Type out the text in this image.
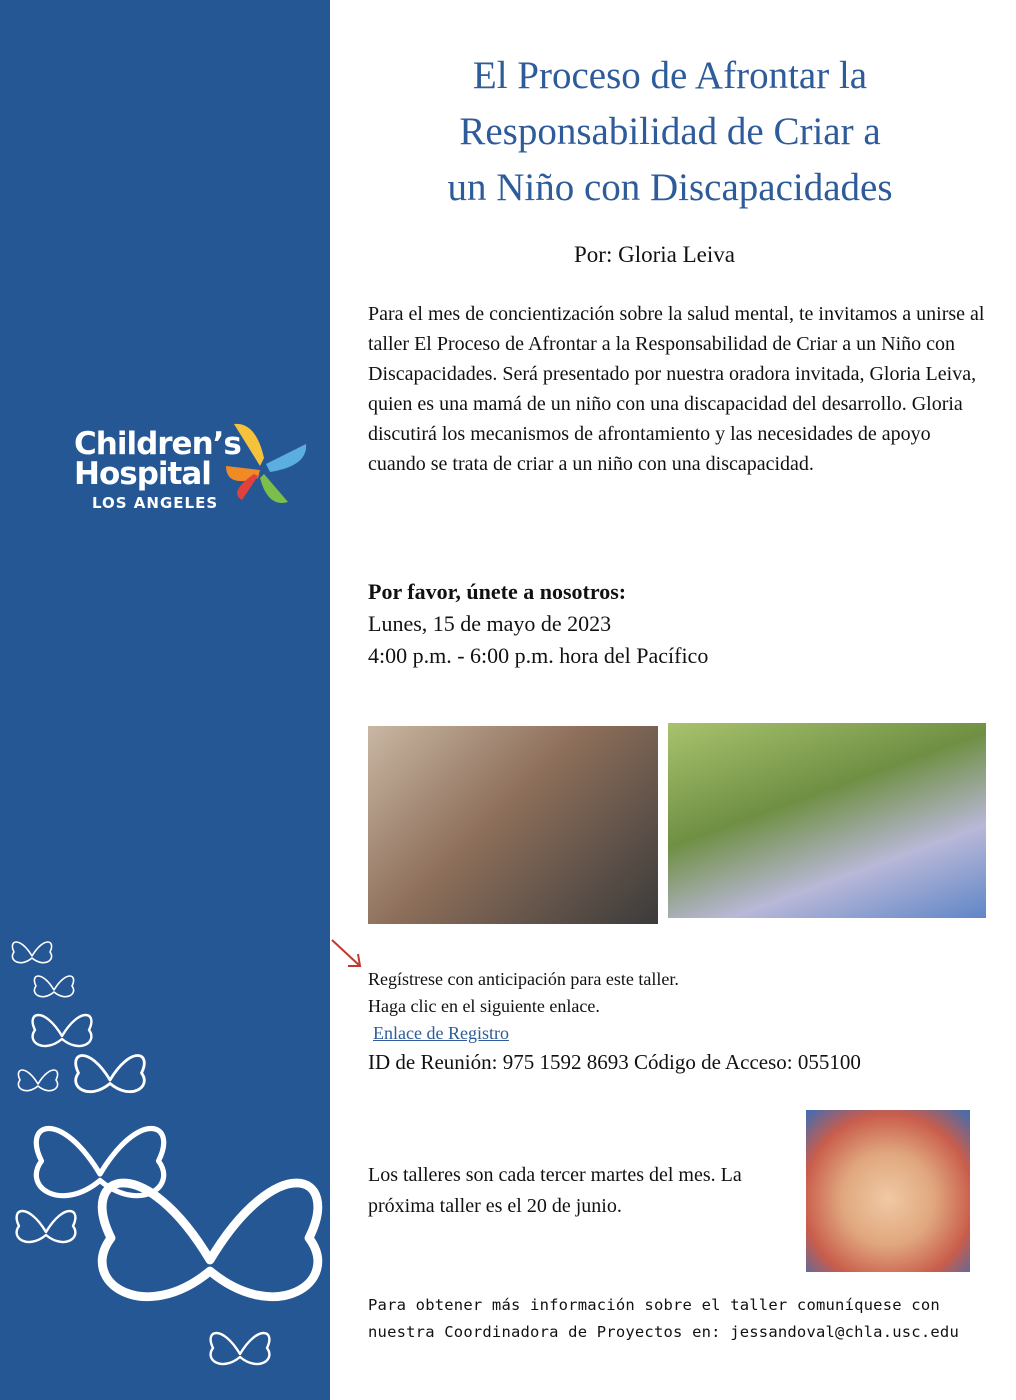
Children’s
Hospital
LOS ANGELES
El Proceso de Afrontar la
Responsabilidad de Criar a
un Niño con Discapacidades
Por: Gloria Leiva

Para el mes de concientización sobre la salud mental, te invitamos a unirse al taller El Proceso de Afrontar a la Responsabilidad de Criar a un Niño con Discapacidades. Será presentado por nuestra oradora invitada, Gloria Leiva, quien es una mamá de un niño con una discapacidad del desarrollo. Gloria discutirá los mecanismos de afrontamiento y las necesidades de apoyo cuando se trata de criar a un niño con una discapacidad.

Por favor, únete a nosotros:
Lunes, 15 de mayo de 2023
4:00 p.m. - 6:00 p.m. hora del Pacífico
Regístrese con anticipación para este taller.
Haga clic en el siguiente enlace.
Enlace de Registro
ID de Reunión: 975 1592 8693 Código de Acceso: 055100

Los talleres son cada tercer martes del mes. La próxima taller es el 20 de junio.

Para obtener más información sobre el taller comuníquese con nuestra Coordinadora de Proyectos en: jessandoval@chla.usc.edu
